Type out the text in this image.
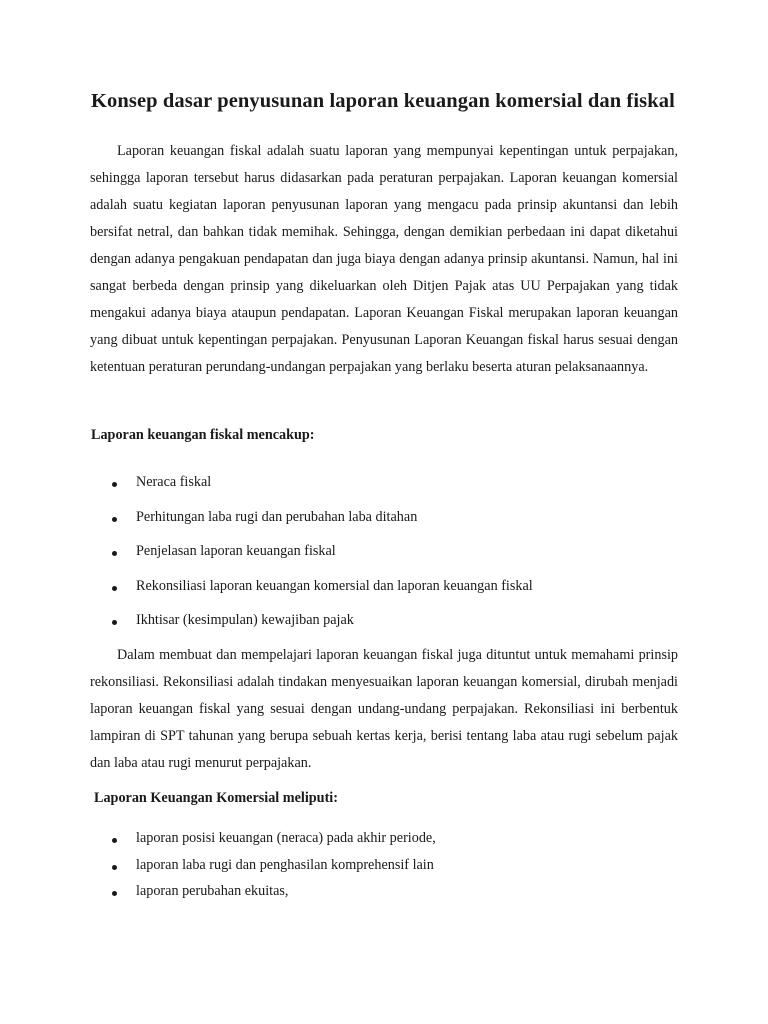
Konsep dasar penyusunan laporan keuangan komersial dan fiskal

Laporan keuangan fiskal adalah suatu laporan yang mempunyai kepentingan untuk perpajakan, sehingga laporan tersebut harus didasarkan pada peraturan perpajakan. Laporan keuangan komersial adalah suatu kegiatan laporan penyusunan laporan yang mengacu pada prinsip akuntansi dan lebih bersifat netral, dan bahkan tidak memihak. Sehingga, dengan demikian perbedaan ini dapat diketahui dengan adanya pengakuan pendapatan dan juga biaya dengan adanya prinsip akuntansi. Namun, hal ini sangat berbeda dengan prinsip yang dikeluarkan oleh Ditjen Pajak atas UU Perpajakan yang tidak mengakui adanya biaya ataupun pendapatan. Laporan Keuangan Fiskal merupakan laporan keuangan yang dibuat untuk kepentingan perpajakan. Penyusunan Laporan Keuangan fiskal harus sesuai dengan ketentuan peraturan perundang-undangan perpajakan yang berlaku beserta aturan pelaksanaannya.

Laporan keuangan fiskal mencakup:

Neraca fiskal
Perhitungan laba rugi dan perubahan laba ditahan
Penjelasan laporan keuangan fiskal
Rekonsiliasi laporan keuangan komersial dan laporan keuangan fiskal
Ikhtisar (kesimpulan) kewajiban pajak

Dalam membuat dan mempelajari laporan keuangan fiskal juga dituntut untuk memahami prinsip rekonsiliasi. Rekonsiliasi adalah tindakan menyesuaikan laporan keuangan komersial, dirubah menjadi laporan keuangan fiskal yang sesuai dengan undang-undang perpajakan. Rekonsiliasi ini berbentuk lampiran di SPT tahunan yang berupa sebuah kertas kerja, berisi tentang laba atau rugi sebelum pajak dan laba atau rugi menurut perpajakan.

Laporan Keuangan Komersial meliputi:

laporan posisi keuangan (neraca) pada akhir periode,
laporan laba rugi dan penghasilan komprehensif lain
laporan perubahan ekuitas,
